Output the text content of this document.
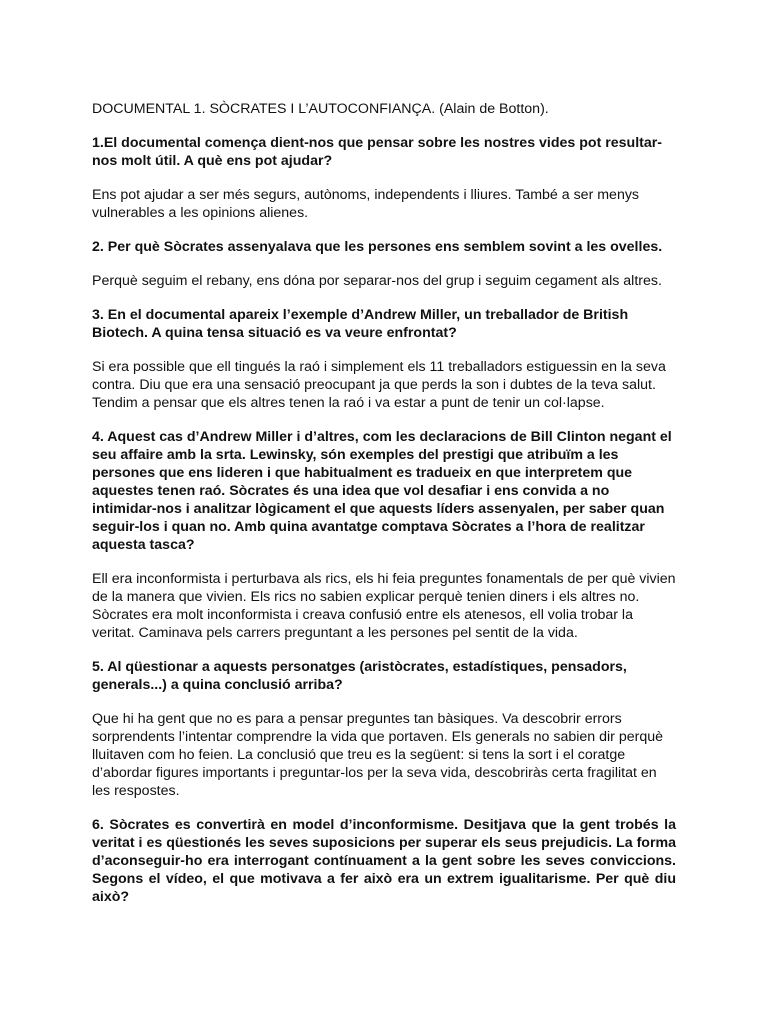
DOCUMENTAL 1. SÒCRATES I L’AUTOCONFIANÇA. (Alain de Botton).

1.El documental comença dient-nos que pensar sobre les nostres vides pot resultar-nos molt útil. A què ens pot ajudar?

Ens pot ajudar a ser més segurs, autònoms, independents i lliures. També a ser menys vulnerables a les opinions alienes.

2. Per què Sòcrates assenyalava que les persones ens semblem sovint a les ovelles.

Perquè seguim el rebany, ens dóna por separar-nos del grup i seguim cegament als altres.

3. En el documental apareix l’exemple d’Andrew Miller, un treballador de British Biotech. A quina tensa situació es va veure enfrontat?

Si era possible que ell tingués la raó i simplement els 11 treballadors estiguessin en la seva contra. Diu que era una sensació preocupant ja que perds la son i dubtes de la teva salut. Tendim a pensar que els altres tenen la raó i va estar a punt de tenir un col·lapse.

4. Aquest cas d’Andrew Miller i d’altres, com les declaracions de Bill Clinton negant el seu affaire amb la srta. Lewinsky, són exemples del prestigi que atribuïm a les persones que ens lideren i que habitualment es tradueix en que interpretem que aquestes tenen raó. Sòcrates és una idea que vol desafiar i ens convida a no intimidar-nos i analitzar lògicament el que aquests líders assenyalen, per saber quan seguir-los i quan no. Amb quina avantatge comptava Sòcrates a l’hora de realitzar aquesta tasca?

Ell era inconformista i perturbava als rics, els hi feia preguntes fonamentals de per què vivien de la manera que vivien. Els rics no sabien explicar perquè tenien diners i els altres no. Sòcrates era molt inconformista i creava confusió entre els atenesos, ell volia trobar la veritat. Caminava pels carrers preguntant a les persones pel sentit de la vida.

5. Al qüestionar a aquests personatges (aristòcrates, estadístiques, pensadors, generals...) a quina conclusió arriba?

Que hi ha gent que no es para a pensar preguntes tan bàsiques. Va descobrir errors sorprendents l’intentar comprendre la vida que portaven. Els generals no sabien dir perquè lluitaven com ho feien. La conclusió que treu es la següent: si tens la sort i el coratge d’abordar figures importants i preguntar-los per la seva vida, descobriràs certa fragilitat en les respostes.

6. Sòcrates es convertirà en model d’inconformisme. Desitjava que la gent trobés la veritat i es qüestionés les seves suposicions per superar els seus prejudicis. La forma d’aconseguir-ho era interrogant contínuament a la gent sobre les seves conviccions. Segons el vídeo, el que motivava a fer això era un extrem igualitarisme. Per què diu això?
